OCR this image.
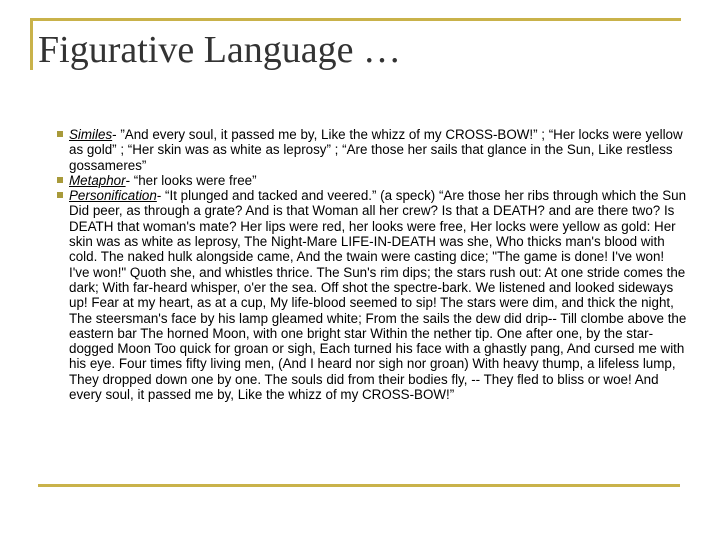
Figurative Language …
Similes- ”And every soul, it passed me by, Like the whizz of my CROSS-BOW!” ; “Her locks were yellow as gold” ; “Her skin was as white as leprosy” ; “Are those her sails that glance in the Sun, Like restless gossameres”
Metaphor- “her looks were free”
Personification- “It plunged and tacked and veered.” (a speck) “Are those her ribs through which the Sun Did peer, as through a grate? And is that Woman all her crew? Is that a DEATH? and are there two? Is DEATH that woman's mate? Her lips were red, her looks were free, Her locks were yellow as gold: Her skin was as white as leprosy, The Night-Mare LIFE-IN-DEATH was she, Who thicks man's blood with cold. The naked hulk alongside came, And the twain were casting dice; "The game is done! I've won! I've won!" Quoth she, and whistles thrice. The Sun's rim dips; the stars rush out: At one stride comes the dark; With far-heard whisper, o'er the sea. Off shot the spectre-bark. We listened and looked sideways up! Fear at my heart, as at a cup, My life-blood seemed to sip! The stars were dim, and thick the night, The steersman's face by his lamp gleamed white; From the sails the dew did drip-- Till clombe above the eastern bar The horned Moon, with one bright star Within the nether tip. One after one, by the star-dogged Moon Too quick for groan or sigh, Each turned his face with a ghastly pang, And cursed me with his eye. Four times fifty living men, (And I heard nor sigh nor groan) With heavy thump, a lifeless lump, They dropped down one by one. The souls did from their bodies fly, -- They fled to bliss or woe! And every soul, it passed me by, Like the whizz of my CROSS-BOW!”
